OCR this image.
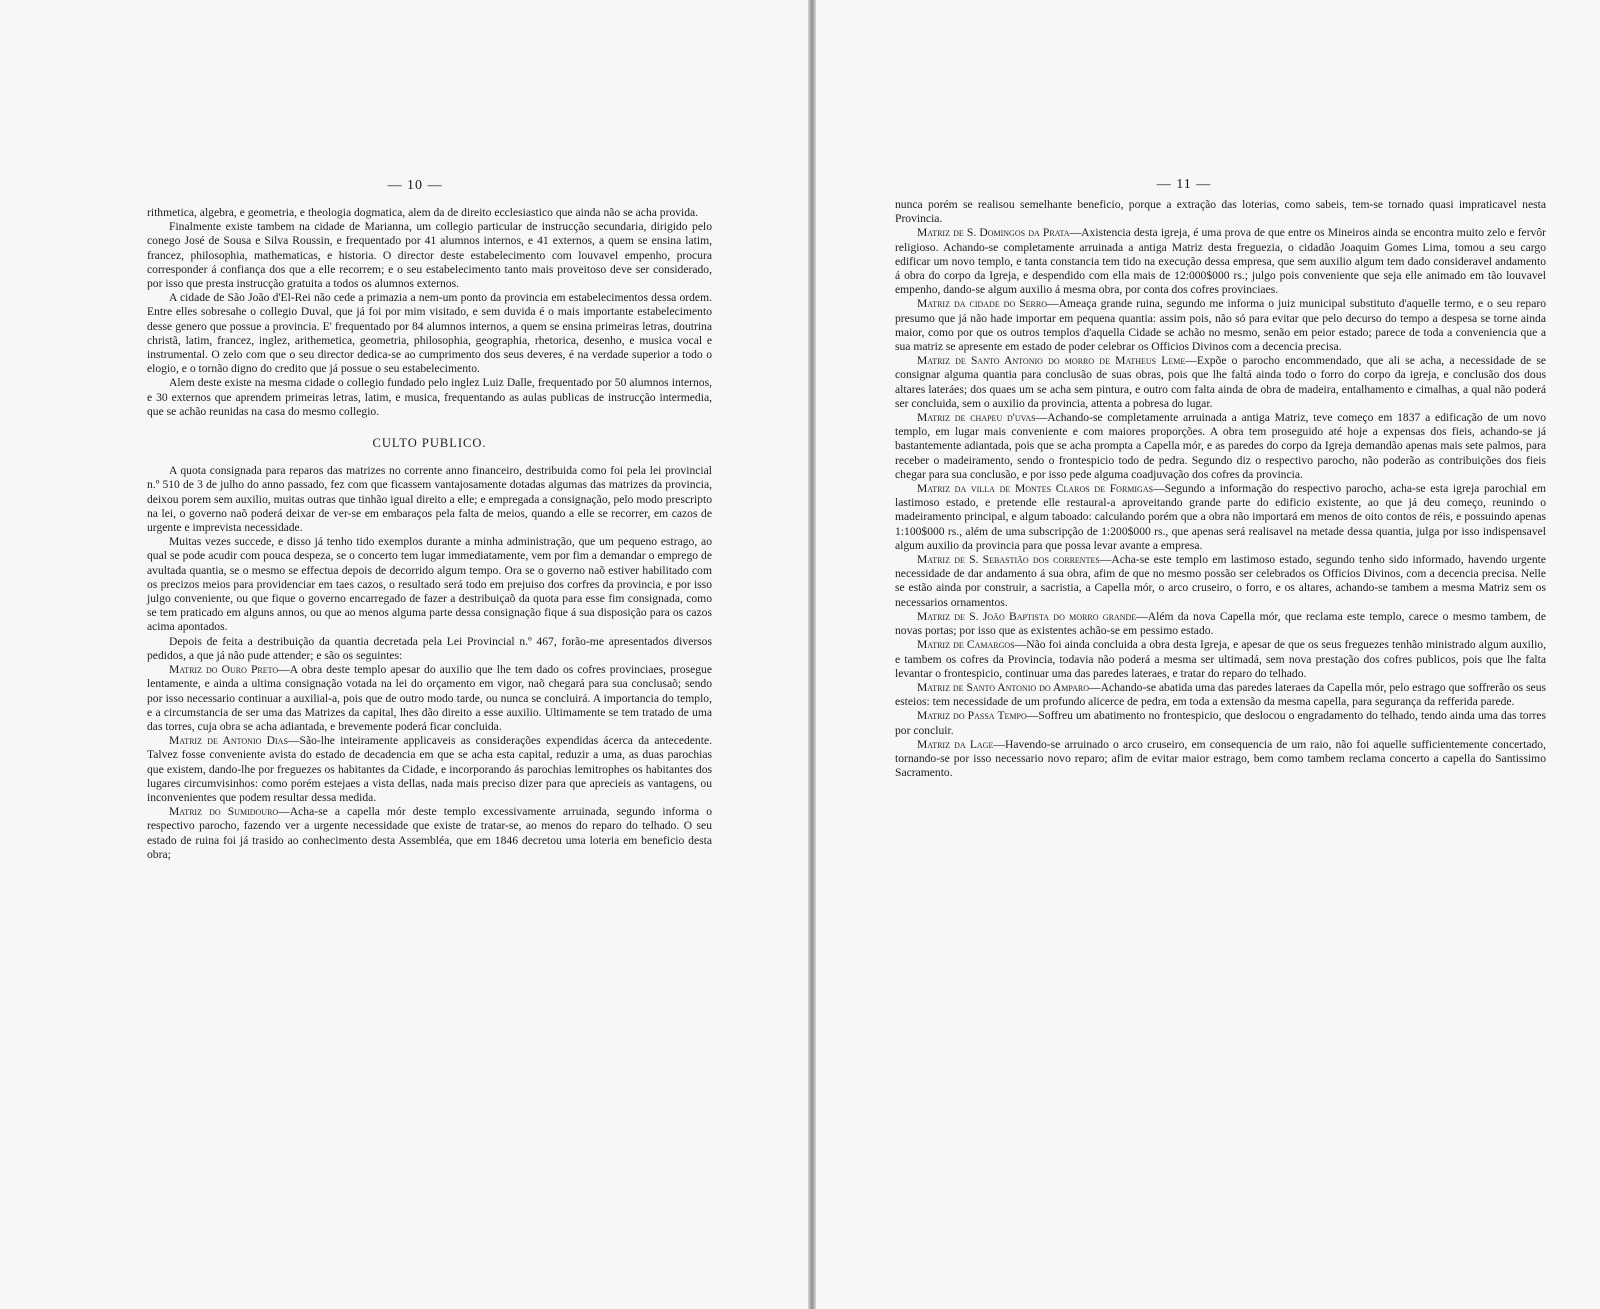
— 10 —

rithmetica, algebra, e geometria, e theologia dogmatica, alem da de direito ecclesiastico que ainda não se acha provida.

Finalmente existe tambem na cidade de Marianna, um collegio particular de instrucção secundaria, dirigido pelo conego José de Sousa e Silva Roussin, e frequentado por 41 alumnos internos, e 41 externos, a quem se ensina latim, francez, philosophia, mathematicas, e historia. O director deste estabelecimento com louvavel empenho, procura corresponder á confiança dos que a elle recorrem; e o seu estabelecimento tanto mais proveitoso deve ser considerado, por isso que presta instrucção gratuita a todos os alumnos externos.

A cidade de São João d'El-Rei não cede a primazia a nem-um ponto da provincia em estabelecimentos dessa ordem. Entre elles sobresahe o collegio Duval, que já foi por mim visitado, e sem duvida é o mais importante estabelecimento desse genero que possue a provincia. E' frequentado por 84 alumnos internos, a quem se ensina primeiras letras, doutrina christã, latim, francez, inglez, arithemetica, geometria, philosophia, geographia, rhetorica, desenho, e musica vocal e instrumental. O zelo com que o seu director dedica-se ao cumprimento dos seus deveres, é na verdade superior a todo o elogio, e o tornão digno do credito que já possue o seu estabelecimento.

Alem deste existe na mesma cidade o collegio fundado pelo inglez Luiz Dalle, frequentado por 50 alumnos internos, e 30 externos que aprendem primeiras letras, latim, e musica, frequentando as aulas publicas de instrucção intermedia, que se achão reunidas na casa do mesmo collegio.

CULTO PUBLICO.

A quota consignada para reparos das matrizes no corrente anno financeiro, destribuida como foi pela lei provincial n.º 510 de 3 de julho do anno passado, fez com que ficassem vantajosamente dotadas algumas das matrizes da provincia, deixou porem sem auxilio, muitas outras que tinhão igual direito a elle; e empregada a consignação, pelo modo prescripto na lei, o governo naõ poderá deixar de ver-se em embaraços pela falta de meios, quando a elle se recorrer, em cazos de urgente e imprevista necessidade.

Muitas vezes succede, e disso já tenho tido exemplos durante a minha administração, que um pequeno estrago, ao qual se pode acudir com pouca despeza, se o concerto tem lugar immediatamente, vem por fim a demandar o emprego de avultada quantia, se o mesmo se effectua depois de decorrido algum tempo. Ora se o governo naõ estiver habilitado com os precizos meios para providenciar em taes cazos, o resultado será todo em prejuiso dos corfres da provincia, e por isso julgo conveniente, ou que fique o governo encarregado de fazer a destribuiçaõ da quota para esse fim consignada, como se tem praticado em alguns annos, ou que ao menos alguma parte dessa consignação fique á sua disposição para os cazos acima apontados.

Depois de feita a destribuição da quantia decretada pela Lei Provincial n.º 467, forão-me apresentados diversos pedidos, a que já não pude attender; e são os seguintes:

Matriz do Ouro Preto—A obra deste templo apesar do auxilio que lhe tem dado os cofres provinciaes, prosegue lentamente, e ainda a ultima consignação votada na lei do orçamento em vigor, naõ chegará para sua conclusaõ; sendo por isso necessario continuar a auxilial-a, pois que de outro modo tarde, ou nunca se concluirá. A importancia do templo, e a circumstancia de ser uma das Matrizes da capital, lhes dão direito a esse auxilio. Ultimamente se tem tratado de uma das torres, cuja obra se acha adiantada, e brevemente poderá ficar concluida.

Matriz de Antonio Dias—São-lhe inteiramente applicaveis as considerações expendidas ácerca da antecedente. Talvez fosse conveniente avista do estado de decadencia em que se acha esta capital, reduzir a uma, as duas parochias que existem, dando-lhe por freguezes os habitantes da Cidade, e incorporando ás parochias lemitrophes os habitantes dos lugares circumvisinhos: como porém estejaes a vista dellas, nada mais preciso dizer para que aprecieis as vantagens, ou inconvenientes que podem resultar dessa medida.

Matriz do Sumidouro—Acha-se a capella mór deste templo excessivamente arruinada, segundo informa o respectivo parocho, fazendo ver a urgente necessidade que existe de tratar-se, ao menos do reparo do telhado. O seu estado de ruina foi já trasido ao conhecimento desta Assembléa, que em 1846 decretou uma loteria em beneficio desta obra;

— 11 —

nunca porém se realisou semelhante beneficio, porque a extração das loterias, como sabeis, tem-se tornado quasi impraticavel nesta Provincia.

Matriz de S. Domingos da Prata—Axistencia desta igreja, é uma prova de que entre os Mineiros ainda se encontra muito zelo e fervôr religioso. Achando-se completamente arruinada a antiga Matriz desta freguezia, o cidadão Joaquim Gomes Lima, tomou a seu cargo edificar um novo templo, e tanta constancia tem tido na execução dessa empresa, que sem auxilio algum tem dado consideravel andamento á obra do corpo da Igreja, e despendido com ella mais de 12:000$000 rs.; julgo pois conveniente que seja elle animado em tão louvavel empenho, dando-se algum auxilio á mesma obra, por conta dos cofres provinciaes.

Matriz da cidade do Serro—Ameaça grande ruina, segundo me informa o juiz municipal substituto d'aquelle termo, e o seu reparo presumo que já não hade importar em pequena quantia: assim pois, não só para evitar que pelo decurso do tempo a despesa se torne ainda maior, como por que os outros templos d'aquella Cidade se achão no mesmo, senão em peior estado; parece de toda a conveniencia que a sua matriz se apresente em estado de poder celebrar os Officios Divinos com a decencia precisa.

Matriz de Santo Antonio do morro de Matheus Leme—Expõe o parocho encommendado, que ali se acha, a necessidade de se consignar alguma quantia para conclusão de suas obras, pois que lhe faltá ainda todo o forro do corpo da igreja, e conclusão dos dous altares lateráes; dos quaes um se acha sem pintura, e outro com falta ainda de obra de madeira, entalhamento e cimalhas, a qual não poderá ser concluida, sem o auxilio da provincia, attenta a pobresa do lugar.

Matriz de chapeu d'uvas—Achando-se completamente arruinada a antiga Matriz, teve começo em 1837 a edificação de um novo templo, em lugar mais conveniente e com maiores proporções. A obra tem proseguido até hoje a expensas dos fieis, achando-se já bastantemente adiantada, pois que se acha prompta a Capella mór, e as paredes do corpo da Igreja demandão apenas mais sete palmos, para receber o madeiramento, sendo o frontespicio todo de pedra. Segundo diz o respectivo parocho, não poderão as contribuições dos fieis chegar para sua conclusão, e por isso pede alguma coadjuvação dos cofres da provincia.

Matriz da villa de Montes Claros de Formigas—Segundo a informação do respectivo parocho, acha-se esta igreja parochial em lastimoso estado, e pretende elle restaural-a aproveitando grande parte do edificio existente, ao que já deu começo, reunindo o madeiramento principal, e algum taboado: calculando porém que a obra não importará em menos de oito contos de réis, e possuindo apenas 1:100$000 rs., além de uma subscripção de 1:200$000 rs., que apenas será realisavel na metade dessa quantia, julga por isso indispensavel algum auxilio da provincia para que possa levar avante a empresa.

Matriz de S. Sebastião dos correntes—Acha-se este templo em lastimoso estado, segundo tenho sido informado, havendo urgente necessidade de dar andamento á sua obra, afim de que no mesmo possão ser celebrados os Officios Divinos, com a decencia precisa. Nelle se estão ainda por construir, a sacristia, a Capella mór, o arco cruseiro, o forro, e os altares, achando-se tambem a mesma Matriz sem os necessarios ornamentos.

Matriz de S. João Baptista do morro grande—Além da nova Capella mór, que reclama este templo, carece o mesmo tambem, de novas portas; por isso que as existentes achão-se em pessimo estado.

Matriz de Camargos—Não foi ainda concluida a obra desta Igreja, e apesar de que os seus freguezes tenhão ministrado algum auxilio, e tambem os cofres da Provincia, todavia não poderá a mesma ser ultimadá, sem nova prestação dos cofres publicos, pois que lhe falta levantar o frontespicio, continuar uma das paredes lateraes, e tratar do reparo do telhado.

Matriz de Santo Antonio do Amparo—Achando-se abatida uma das paredes lateraes da Capella mór, pelo estrago que soffrerão os seus esteios: tem necessidade de um profundo alicerce de pedra, em toda a extensão da mesma capella, para segurança da refferida parede.

Matriz do Passa Tempo—Soffreu um abatimento no frontespicio, que deslocou o engradamento do telhado, tendo ainda uma das torres por concluir.

Matriz da Lage—Havendo-se arruinado o arco cruseiro, em consequencia de um raio, não foi aquelle sufficientemente concertado, tornando-se por isso necessario novo reparo; afim de evitar maior estrago, bem como tambem reclama concerto a capella do Santissimo Sacramento.
